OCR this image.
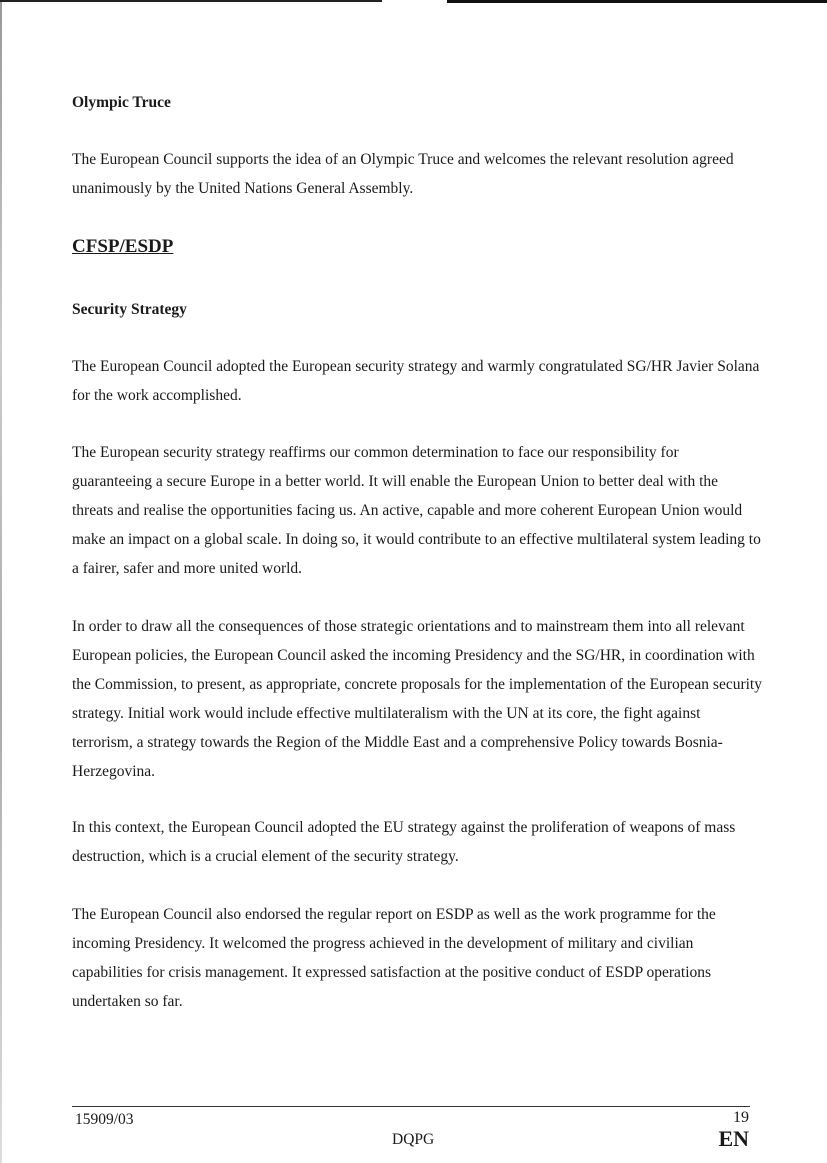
Olympic Truce
The European Council supports the idea of an Olympic Truce and welcomes the relevant resolution agreed unanimously by the United Nations General Assembly.
CFSP/ESDP
Security Strategy
The European Council adopted the European security strategy and warmly congratulated SG/HR Javier Solana for the work accomplished.
The European security strategy reaffirms our common determination to face our responsibility for guaranteeing a secure Europe in a better world. It will enable the European Union to better deal with the threats and realise the opportunities facing us. An active, capable and more coherent European Union would make an impact on a global scale. In doing so, it would contribute to an effective multilateral system leading to a fairer, safer and more united world.
In order to draw all the consequences of those strategic orientations and to mainstream them into all relevant European policies, the European Council asked the incoming Presidency and the SG/HR, in coordination with the Commission, to present, as appropriate, concrete proposals for the implementation of the European security strategy. Initial work would include effective multilateralism with the UN at its core, the fight against terrorism, a strategy towards the Region of the Middle East and a comprehensive Policy towards Bosnia-Herzegovina.
In this context, the European Council adopted the EU strategy against the proliferation of weapons of mass destruction, which is a crucial element of the security strategy.
The European Council also endorsed the regular report on ESDP as well as the work programme for the incoming Presidency. It welcomed the progress achieved in the development of military and civilian capabilities for crisis management. It expressed satisfaction at the positive conduct of ESDP operations undertaken so far.
15909/03	19
DQPG	EN
